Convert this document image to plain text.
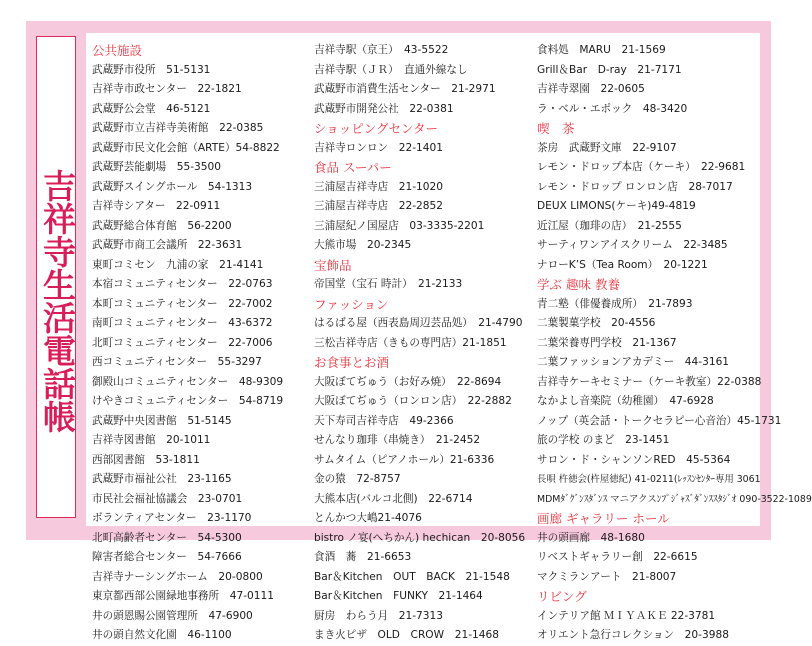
吉祥寺生活電話帳
公共施設
武蔵野市役所　51-5131
吉祥寺市政センター　22-1821
武蔵野公会堂　46-5121
武蔵野市立吉祥寺美術館　22-0385
武蔵野市民文化会館（ARTE）54-8822
武蔵野芸能劇場　55-3500
武蔵野スイングホール　54-1313
吉祥寺シアター　22-0911
武蔵野総合体育館　56-2200
武蔵野市商工会議所　22-3631
東町コミセン　九浦の家　21-4141
本宿コミュニティセンター　22-0763
本町コミュニティセンター　22-7002
南町コミュニティセンター　43-6372
北町コミュニティセンター　22-7006
西コミュニティセンター　55-3297
御殿山コミュニティセンター　48-9309
けやきコミュニティセンター　54-8719
武蔵野中央図書館　51-5145
吉祥寺図書館　20-1011
西部図書館　53-1811
武蔵野市福祉公社　23-1165
市民社会福祉協議会　23-0701
ボランティアセンター　23-1170
北町高齢者センター　54-5300
障害者総合センター　54-7666
吉祥寺ナーシングホーム　20-0800
東京都西部公園緑地事務所　47-0111
井の頭恩賜公園管理所　47-6900
井の頭自然文化園　46-1100
吉祥寺駅（京王）　43-5522
吉祥寺駅（ＪＲ）　直通外線なし
武蔵野市消費生活センター　21-2971
武蔵野市開発公社　22-0381
ショッピングセンター
吉祥寺ロンロン　22-1401
食品 スーパー
三浦屋吉祥寺店　21-1020
三浦屋吉祥寺店　22-2852
三浦屋紀ノ国屋店　03-3335-2201
大熊市場　20-2345
宝飾品
帝国堂（宝石 時計）　21-2133
ファッション
はるばる屋（西表島周辺芸品処）　21-4790
三松吉祥寺店（きもの専門店）21-1851
お食事とお酒
大阪ぼてぢゅう（お好み焼）　22-8694
大阪ぼてぢゅう（ロンロン店）　22-2882
天下寿司吉祥寺店　49-2366
せんなり珈琲（串焼き）　21-2452
サムタイム（ピアノホール）21-6336
金の猿　72-8757
大熊本店(バルコ北側)　22-6714
とんかつ大嶋21-4076
bistro ノ宴(へちかん) hechican　20-8056
食酒　蕎　21-6653
Bar＆Kitchen　OUT　BACK　21-1548
Bar＆Kitchen　FUNKY　21-1464
厨房　わらう月　21-7313
まき火ピザ　OLD　CROW　21-1468
食料処　MARU　21-1569
Grill＆Bar　D-ray　21-7171
吉祥寺翠園　22-0605
ラ・ベル・エポック　48-3420
喫　茶
茶房　武蔵野文庫　22-9107
レモン・ドロップ本店（ケーキ）　22-9681
レモン・ドロップ ロンロン店　28-7017
DEUX LIMONS(ケーキ)49-4819
近江屋（珈琲の店）　21-2555
サーティワンアイスクリーム　22-3485
ナローK’S（Tea Room）　20-1221
学ぶ 趣味 教養
青二塾（俳優養成所）　21-7893
二葉製菓学校　20-4556
二葉栄養専門学校　21-1367
二葉ファッションアカデミー　44-3161
吉祥寺ケーキセミナー（ケーキ教室）22-0388
なかよし音楽院（幼稚園）　47-6928
ノップ（英会話・トークセラピー心音治）45-1731
旅の学校 のまど　23-1451
サロン・ド・シャンソンRED　45-5364
長唄 杵徳会(杵屋徳紀) 41-0211(ﾚｯｽﾝｾﾝﾀｰ専用 3061
MDMﾀﾞｸﾞﾝｽﾀﾞﾝｽ マニアクスﾝﾌﾟｼﾞｬｽﾞﾀﾞﾝｽｽﾀｼﾞｵ 090-3522-1089
画廊 ギャラリー ホール
井の頭画廊　48-1680
リベストギャラリー創　22-6615
マクミランアート　21-8007
リビング
インテリア館 ＭＩＹＡＫＥ 22-3781
オリエント急行コレクション　20-3988
